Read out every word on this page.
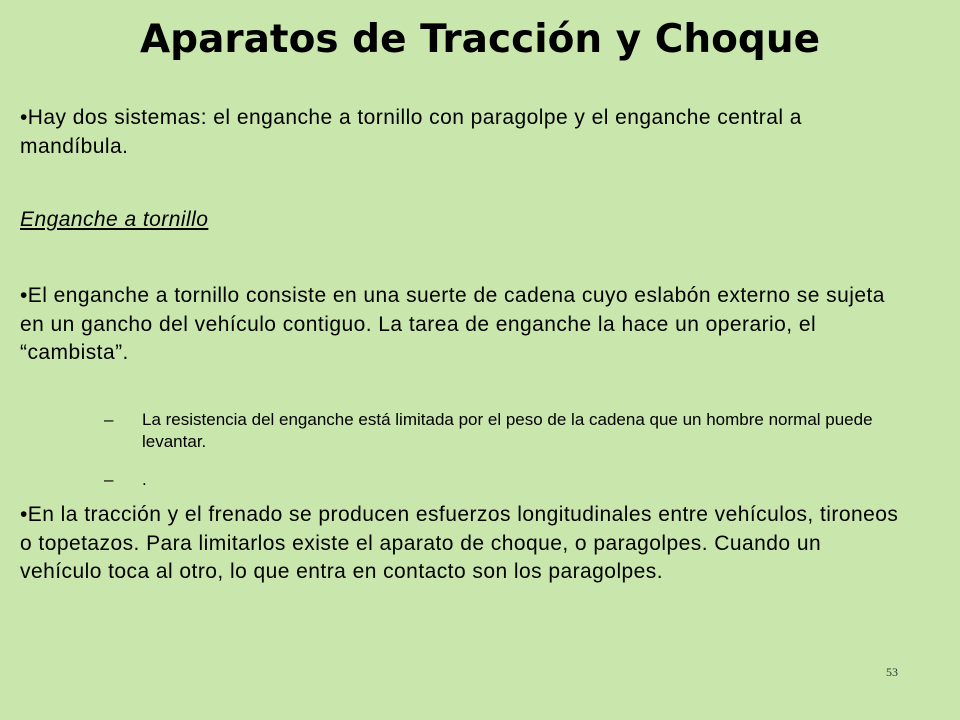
Aparatos de Tracción y Choque
•Hay dos sistemas: el enganche a tornillo con paragolpe y el enganche central a mandíbula.
Enganche a tornillo
•El enganche a tornillo consiste en una suerte de cadena cuyo eslabón externo se sujeta en un gancho del vehículo contiguo. La tarea de enganche la hace un operario, el “cambista”.
– La resistencia del enganche está limitada por el peso de la cadena que un hombre normal puede levantar.
– .
•En la tracción y el frenado se producen esfuerzos longitudinales entre vehículos, tironeos o topetazos. Para limitarlos existe el aparato de choque, o paragolpes. Cuando un vehículo toca al otro, lo que entra en contacto son los paragolpes.
53
